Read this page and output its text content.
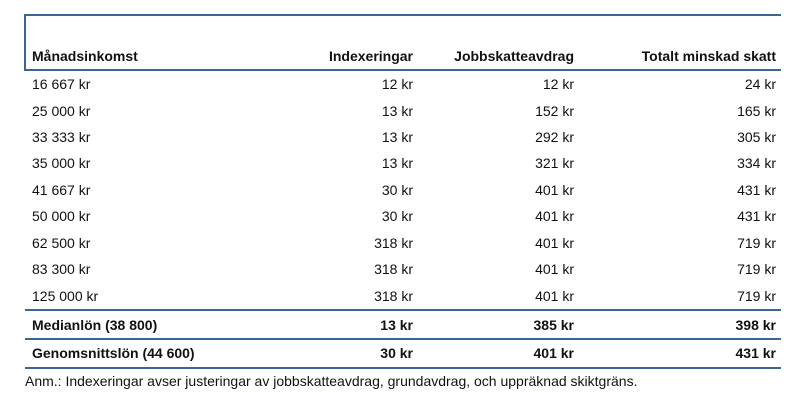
Månadsinkomst	Indexeringar	Jobbskatteavdrag	Totalt minskad skatt
16 667 kr	12 kr	12 kr	24 kr
25 000 kr	13 kr	152 kr	165 kr
33 333 kr	13 kr	292 kr	305 kr
35 000 kr	13 kr	321 kr	334 kr
41 667 kr	30 kr	401 kr	431 kr
50 000 kr	30 kr	401 kr	431 kr
62 500 kr	318 kr	401 kr	719 kr
83 300 kr	318 kr	401 kr	719 kr
125 000 kr	318 kr	401 kr	719 kr
Medianlön (38 800)	13 kr	385 kr	398 kr
Genomsnittslön (44 600)	30 kr	401 kr	431 kr
Anm.: Indexeringar avser justeringar av jobbskatteavdrag, grundavdrag, och uppräknad skiktgräns.
